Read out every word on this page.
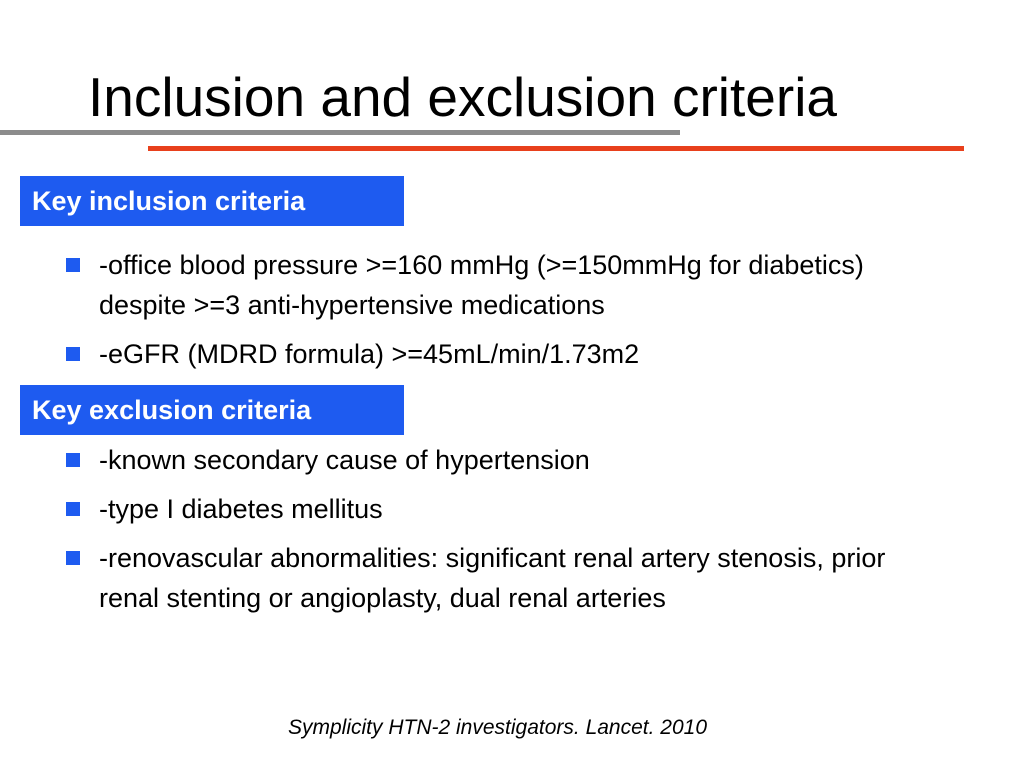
Inclusion and exclusion criteria
Key inclusion criteria
-office blood pressure >=160 mmHg (>=150mmHg for diabetics) despite >=3 anti-hypertensive medications
-eGFR (MDRD formula) >=45mL/min/1.73m2
Key exclusion criteria
-known secondary cause of hypertension
-type I diabetes mellitus
-renovascular abnormalities: significant renal artery stenosis, prior renal stenting or angioplasty, dual renal arteries
Symplicity HTN-2 investigators. Lancet. 2010
